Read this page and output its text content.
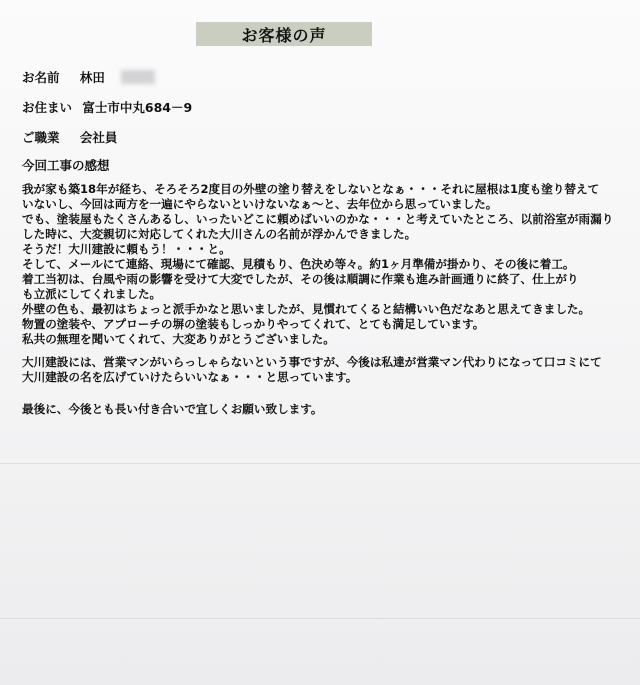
お客様の声
お名前 林田
お住まい 富士市中丸684－9
ご職業 会社員
今回工事の感想
我が家も築18年が経ち、そろそろ2度目の外壁の塗り替えをしないとなぁ・・・それに屋根は1度も塗り替えて
いないし、今回は両方を一遍にやらないといけないなぁ～と、去年位から思っていました。
でも、塗装屋もたくさんあるし、いったいどこに頼めばいいのかな・・・と考えていたところ、以前浴室が雨漏り
した時に、大変親切に対応してくれた大川さんの名前が浮かんできました。
そうだ！大川建設に頼もう！・・・と。
そして、メールにて連絡、現場にて確認、見積もり、色決め等々。約1ヶ月準備が掛かり、その後に着工。
着工当初は、台風や雨の影響を受けて大変でしたが、その後は順調に作業も進み計画通りに終了、仕上がり
も立派にしてくれました。
外壁の色も、最初はちょっと派手かなと思いましたが、見慣れてくると結構いい色だなあと思えてきました。
物置の塗装や、アプローチの塀の塗装もしっかりやってくれて、とても満足しています。
私共の無理を聞いてくれて、大変ありがとうございました。
大川建設には、営業マンがいらっしゃらないという事ですが、今後は私達が営業マン代わりになって口コミにて
大川建設の名を広げていけたらいいなぁ・・・と思っています。
最後に、今後とも長い付き合いで宜しくお願い致します。
